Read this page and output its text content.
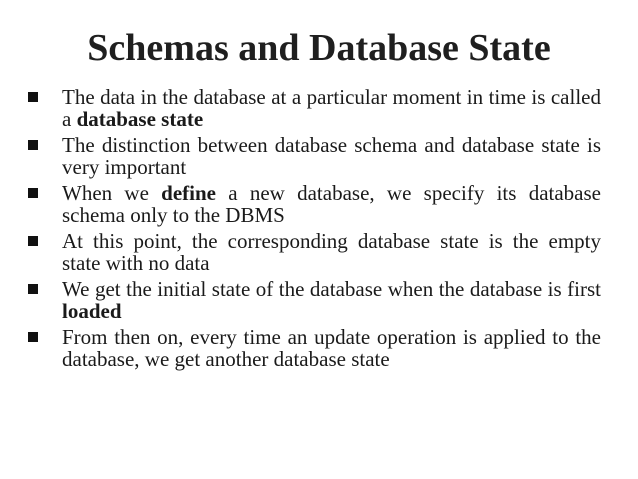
Schemas and Database State
The data in the database at a particular moment in time is called a database state
The distinction between database schema and database state is very important
When we define a new database, we specify its database schema only to the DBMS
At this point, the corresponding database state is the empty state with no data
We get the initial state of the database when the database is first loaded
From then on, every time an update operation is applied to the database, we get another database state
